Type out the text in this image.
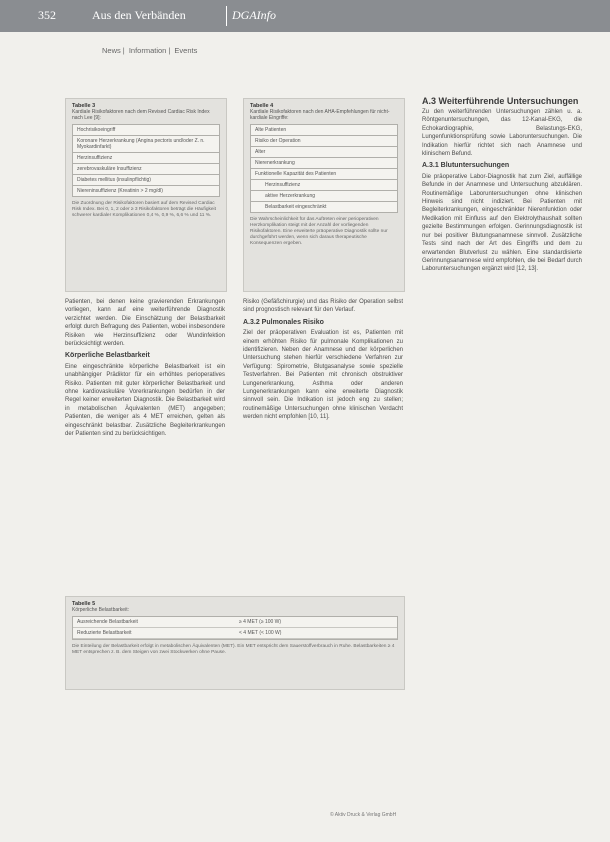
352	Aus den Verbänden	DGAInfo
News | Information | Events
Tabelle 3
Kardiale Risikofaktoren nach dem Revised Cardiac Risk Index nach Lee [9]:
Hochrisikoeingriff
Koronare Herzerkrankung (Angina pectoris und/oder Z. n. Myokardinfarkt)
Herzinsuffizienz
zerebrovaskuläre Insuffizienz
Diabetes mellitus (insulinpflichtig)
Niereninsuffizienz (Kreatinin > 2 mg/dl)
Die Zuordnung der Risikofaktoren basiert auf dem Revised Cardiac Risk Index. Bei 0, 1, 2 oder ≥ 3 Risikofaktoren beträgt die Häufigkeit schwerer kardialer Komplikationen 0,4 %, 0,9 %, 6,6 % und 11 %.
Tabelle 4
Kardiale Risikofaktoren nach den AHA-Empfehlungen für nicht-kardiale Eingriffe:
Alte Patienten
Risiko der Operation
Alter
Nierenerkrankung
Funktionelle Kapazität des Patienten
Herzinsuffizienz
aktive Herzerkrankung
Belastbarkeit eingeschränkt
Die Wahrscheinlichkeit für das Auftreten einer perioperativen Herzkomplikation steigt mit der Anzahl der vorliegenden Risikofaktoren. Eine erweiterte präoperative Diagnostik sollte nur durchgeführt werden, wenn sich daraus therapeutische Konsequenzen ergeben.
Patienten, bei denen keine gravierenden Erkrankungen vorliegen, kann auf eine weiterführende Diagnostik verzichtet werden. Die Einschätzung der Belastbarkeit erfolgt durch Befragung des Patienten, wobei insbesondere Risiken wie Herzinsuffizienz oder Wundinfektion berücksichtigt werden.
Körperliche Belastbarkeit
Eine eingeschränkte körperliche Belastbarkeit ist ein unabhängiger Prädiktor für ein erhöhtes perioperatives Risiko. Patienten mit guter körperlicher Belastbarkeit und ohne kardiovaskuläre Vorerkrankungen bedürfen in der Regel keiner erweiterten Diagnostik. Die Belastbarkeit wird in metabolischen Äquivalenten (MET) angegeben; Patienten, die weniger als 4 MET erreichen, gelten als eingeschränkt belastbar. Zusätzliche Begleiterkrankungen der Patienten sind zu berücksichtigen.
Risiko (Gefäßchirurgie) und das Risiko der Operation selbst sind prognostisch relevant für den Verlauf.
A.3.2 Pulmonales Risiko
Ziel der präoperativen Evaluation ist es, Patienten mit einem erhöhten Risiko für pulmonale Komplikationen zu identifizieren. Neben der Anamnese und der körperlichen Untersuchung stehen hierfür verschiedene Verfahren zur Verfügung: Spirometrie, Blutgasanalyse sowie spezielle Testverfahren. Bei Patienten mit chronisch obstruktiver Lungenerkrankung, Asthma oder anderen Lungenerkrankungen kann eine erweiterte Diagnostik sinnvoll sein. Die Indikation ist jedoch eng zu stellen; routinemäßige Untersuchungen ohne klinischen Verdacht werden nicht empfohlen [10, 11].
A.3 Weiterführende Untersuchungen
Zu den weiterführenden Untersuchungen zählen u. a. Röntgenuntersuchungen, das 12-Kanal-EKG, die Echokardiographie, Belastungs-EKG, Lungenfunktionsprüfung sowie Laboruntersuchungen. Die Indikation hierfür richtet sich nach Anamnese und klinischem Befund.
A.3.1 Blutuntersuchungen
Die präoperative Labor-Diagnostik hat zum Ziel, auffällige Befunde in der Anamnese und Untersuchung abzuklären. Routinemäßige Laboruntersuchungen ohne klinischen Hinweis sind nicht indiziert. Bei Patienten mit Begleiterkrankungen, eingeschränkter Nierenfunktion oder Medikation mit Einfluss auf den Elektrolythaushalt sollten gezielte Bestimmungen erfolgen. Gerinnungsdiagnostik ist nur bei positiver Blutungsanamnese sinnvoll. Zusätzliche Tests sind nach der Art des Eingriffs und dem zu erwartenden Blutverlust zu wählen. Eine standardisierte Gerinnungsanamnese wird empfohlen, die bei Bedarf durch Laboruntersuchungen ergänzt wird [12, 13].
Tabelle 5
Körperliche Belastbarkeit:
Ausreichende Belastbarkeit	≥ 4 MET (≥ 100 W)
Reduzierte Belastbarkeit	< 4 MET (< 100 W)
Die Einteilung der Belastbarkeit erfolgt in metabolischen Äquivalenten (MET). Ein MET entspricht dem Sauerstoffverbrauch in Ruhe. Belastbarkeiten ≥ 4 MET entsprechen z. B. dem Steigen von zwei Stockwerken ohne Pause.
© Aktiv Druck & Verlag GmbH
